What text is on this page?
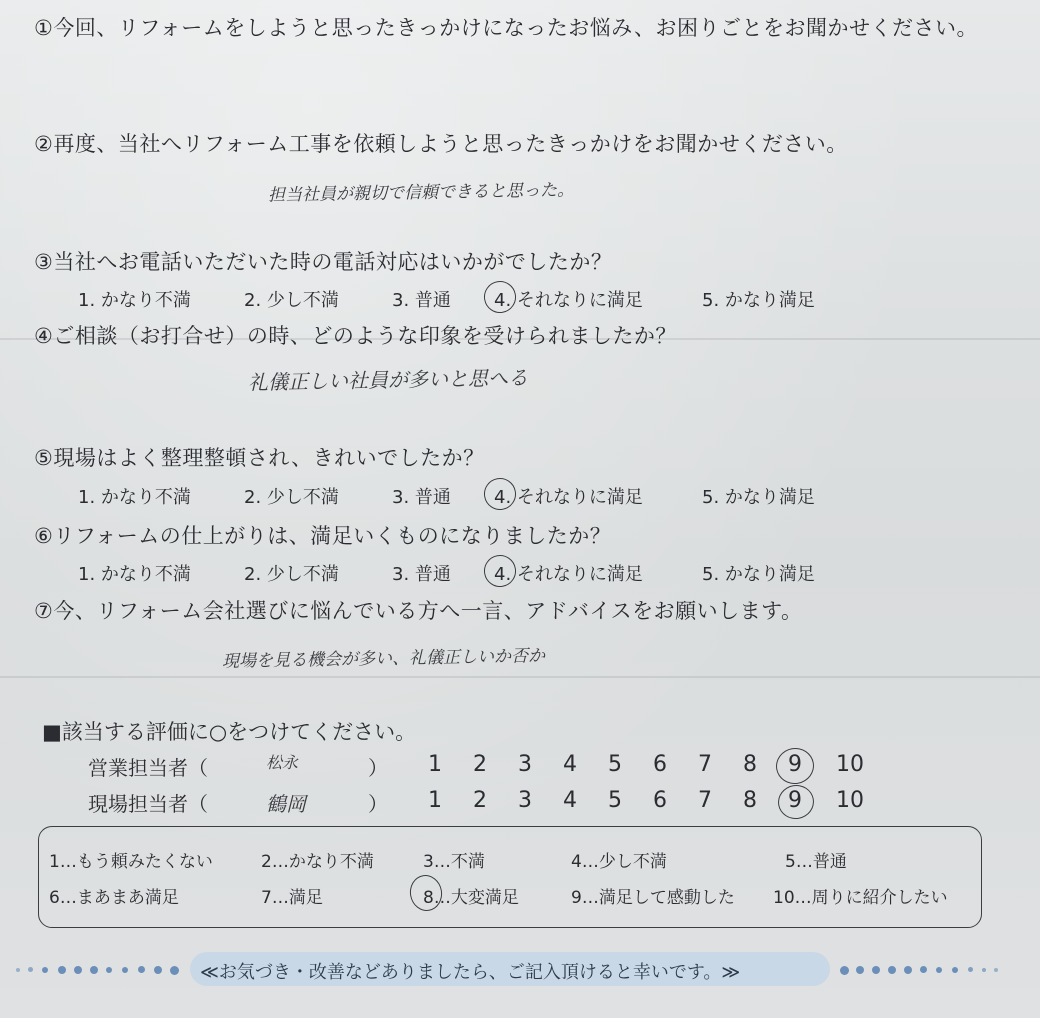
①今回、リフォームをしようと思ったきっかけになったお悩み、お困りごとをお聞かせください。
②再度、当社へリフォーム工事を依頼しようと思ったきっかけをお聞かせください。
担当社員が親切で信頼できると思った。
③当社へお電話いただいた時の電話対応はいかがでしたか？
1. かなり不満	2. 少し不満	3. 普通 4. それなりに満足	5. かなり満足
④ご相談（お打合せ）の時、どのような印象を受けられましたか？
礼儀正しい社員が多いと思へる
⑤現場はよく整理整頓され、きれいでしたか？
1. かなり不満	2. 少し不満	3. 普通 4. それなりに満足	5. かなり満足
⑥リフォームの仕上がりは、満足いくものになりましたか？
1. かなり不満	2. 少し不満	3. 普通 4. それなりに満足	5. かなり満足
⑦今、リフォーム会社選びに悩んでいる方へ一言、アドバイスをお願いします。
現場を見る機会が多い、礼儀正しいか否か
■該当する評価に○をつけてください。
営業担当者（	松永	）	1	2	3	4	5	6	7	8	9	10
現場担当者（	鶴岡	）	1	2	3	4	5	6	7	8	9	10
1…もう頼みたくない	2…かなり不満	3…不満	4…少し不満	5…普通
6…まあまあ満足	7…満足	8…大変満足	9…満足して感動した 10…周りに紹介したい
≪お気づき・改善などありましたら、ご記入頂けると幸いです。≫
